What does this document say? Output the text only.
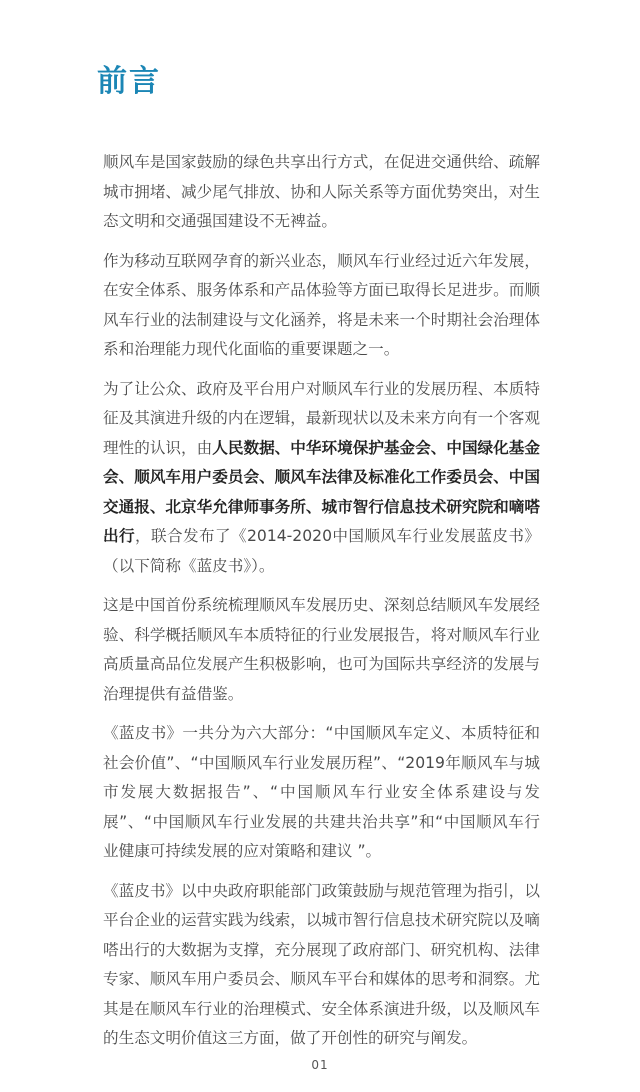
前言

顺风车是国家鼓励的绿色共享出行方式，在促进交通供给、疏解城市拥堵、减少尾气排放、协和人际关系等方面优势突出，对生态文明和交通强国建设不无裨益。

作为移动互联网孕育的新兴业态，顺风车行业经过近六年发展，在安全体系、服务体系和产品体验等方面已取得长足进步。而顺风车行业的法制建设与文化涵养，将是未来一个时期社会治理体系和治理能力现代化面临的重要课题之一。

为了让公众、政府及平台用户对顺风车行业的发展历程、本质特征及其演进升级的内在逻辑，最新现状以及未来方向有一个客观理性的认识，由人民数据、中华环境保护基金会、中国绿化基金会、顺风车用户委员会、顺风车法律及标准化工作委员会、中国交通报、北京华允律师事务所、城市智行信息技术研究院和嘀嗒出行，联合发布了《2014-2020中国顺风车行业发展蓝皮书》（以下简称《蓝皮书》）。

这是中国首份系统梳理顺风车发展历史、深刻总结顺风车发展经验、科学概括顺风车本质特征的行业发展报告，将对顺风车行业高质量高品位发展产生积极影响，也可为国际共享经济的发展与治理提供有益借鉴。

《蓝皮书》一共分为六大部分：“中国顺风车定义、本质特征和社会价值”、“中国顺风车行业发展历程”、“2019年顺风车与城市发展大数据报告”、“中国顺风车行业安全体系建设与发展”、“中国顺风车行业发展的共建共治共享”和“中国顺风车行业健康可持续发展的应对策略和建议 ”。

《蓝皮书》以中央政府职能部门政策鼓励与规范管理为指引，以平台企业的运营实践为线索，以城市智行信息技术研究院以及嘀嗒出行的大数据为支撑，充分展现了政府部门、研究机构、法律专家、顺风车用户委员会、顺风车平台和媒体的思考和洞察。尤其是在顺风车行业的治理模式、安全体系演进升级，以及顺风车的生态文明价值这三方面，做了开创性的研究与阐发。

01
